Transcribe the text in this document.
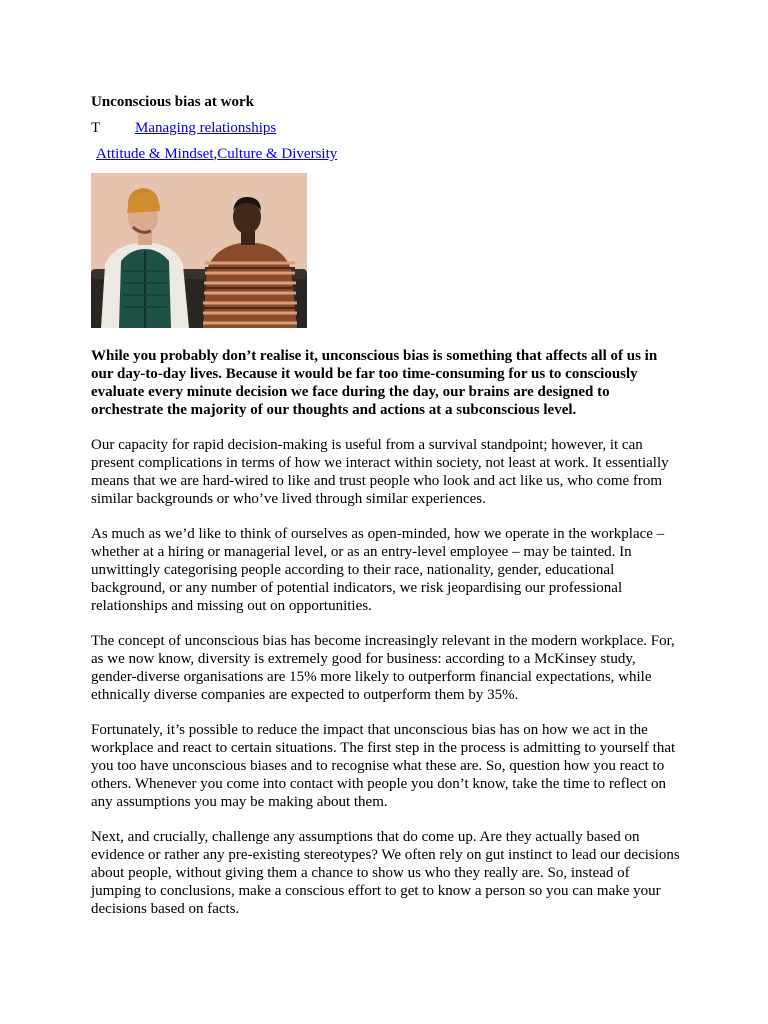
Unconscious bias at work
T	Managing relationships
Attitude & Mindset,Culture & Diversity

While you probably don’t realise it, unconscious bias is something that affects all of us in our day-to-day lives. Because it would be far too time-consuming for us to consciously evaluate every minute decision we face during the day, our brains are designed to orchestrate the majority of our thoughts and actions at a subconscious level.

Our capacity for rapid decision-making is useful from a survival standpoint; however, it can present complications in terms of how we interact within society, not least at work. It essentially means that we are hard-wired to like and trust people who look and act like us, who come from similar backgrounds or who’ve lived through similar experiences.

As much as we’d like to think of ourselves as open-minded, how we operate in the workplace – whether at a hiring or managerial level, or as an entry-level employee – may be tainted. In unwittingly categorising people according to their race, nationality, gender, educational background, or any number of potential indicators, we risk jeopardising our professional relationships and missing out on opportunities.

The concept of unconscious bias has become increasingly relevant in the modern workplace. For, as we now know, diversity is extremely good for business: according to a McKinsey study, gender-diverse organisations are 15% more likely to outperform financial expectations, while ethnically diverse companies are expected to outperform them by 35%.

Fortunately, it’s possible to reduce the impact that unconscious bias has on how we act in the workplace and react to certain situations. The first step in the process is admitting to yourself that you too have unconscious biases and to recognise what these are. So, question how you react to others. Whenever you come into contact with people you don’t know, take the time to reflect on any assumptions you may be making about them.

Next, and crucially, challenge any assumptions that do come up. Are they actually based on evidence or rather any pre-existing stereotypes? We often rely on gut instinct to lead our decisions about people, without giving them a chance to show us who they really are. So, instead of jumping to conclusions, make a conscious effort to get to know a person so you can make your decisions based on facts.
